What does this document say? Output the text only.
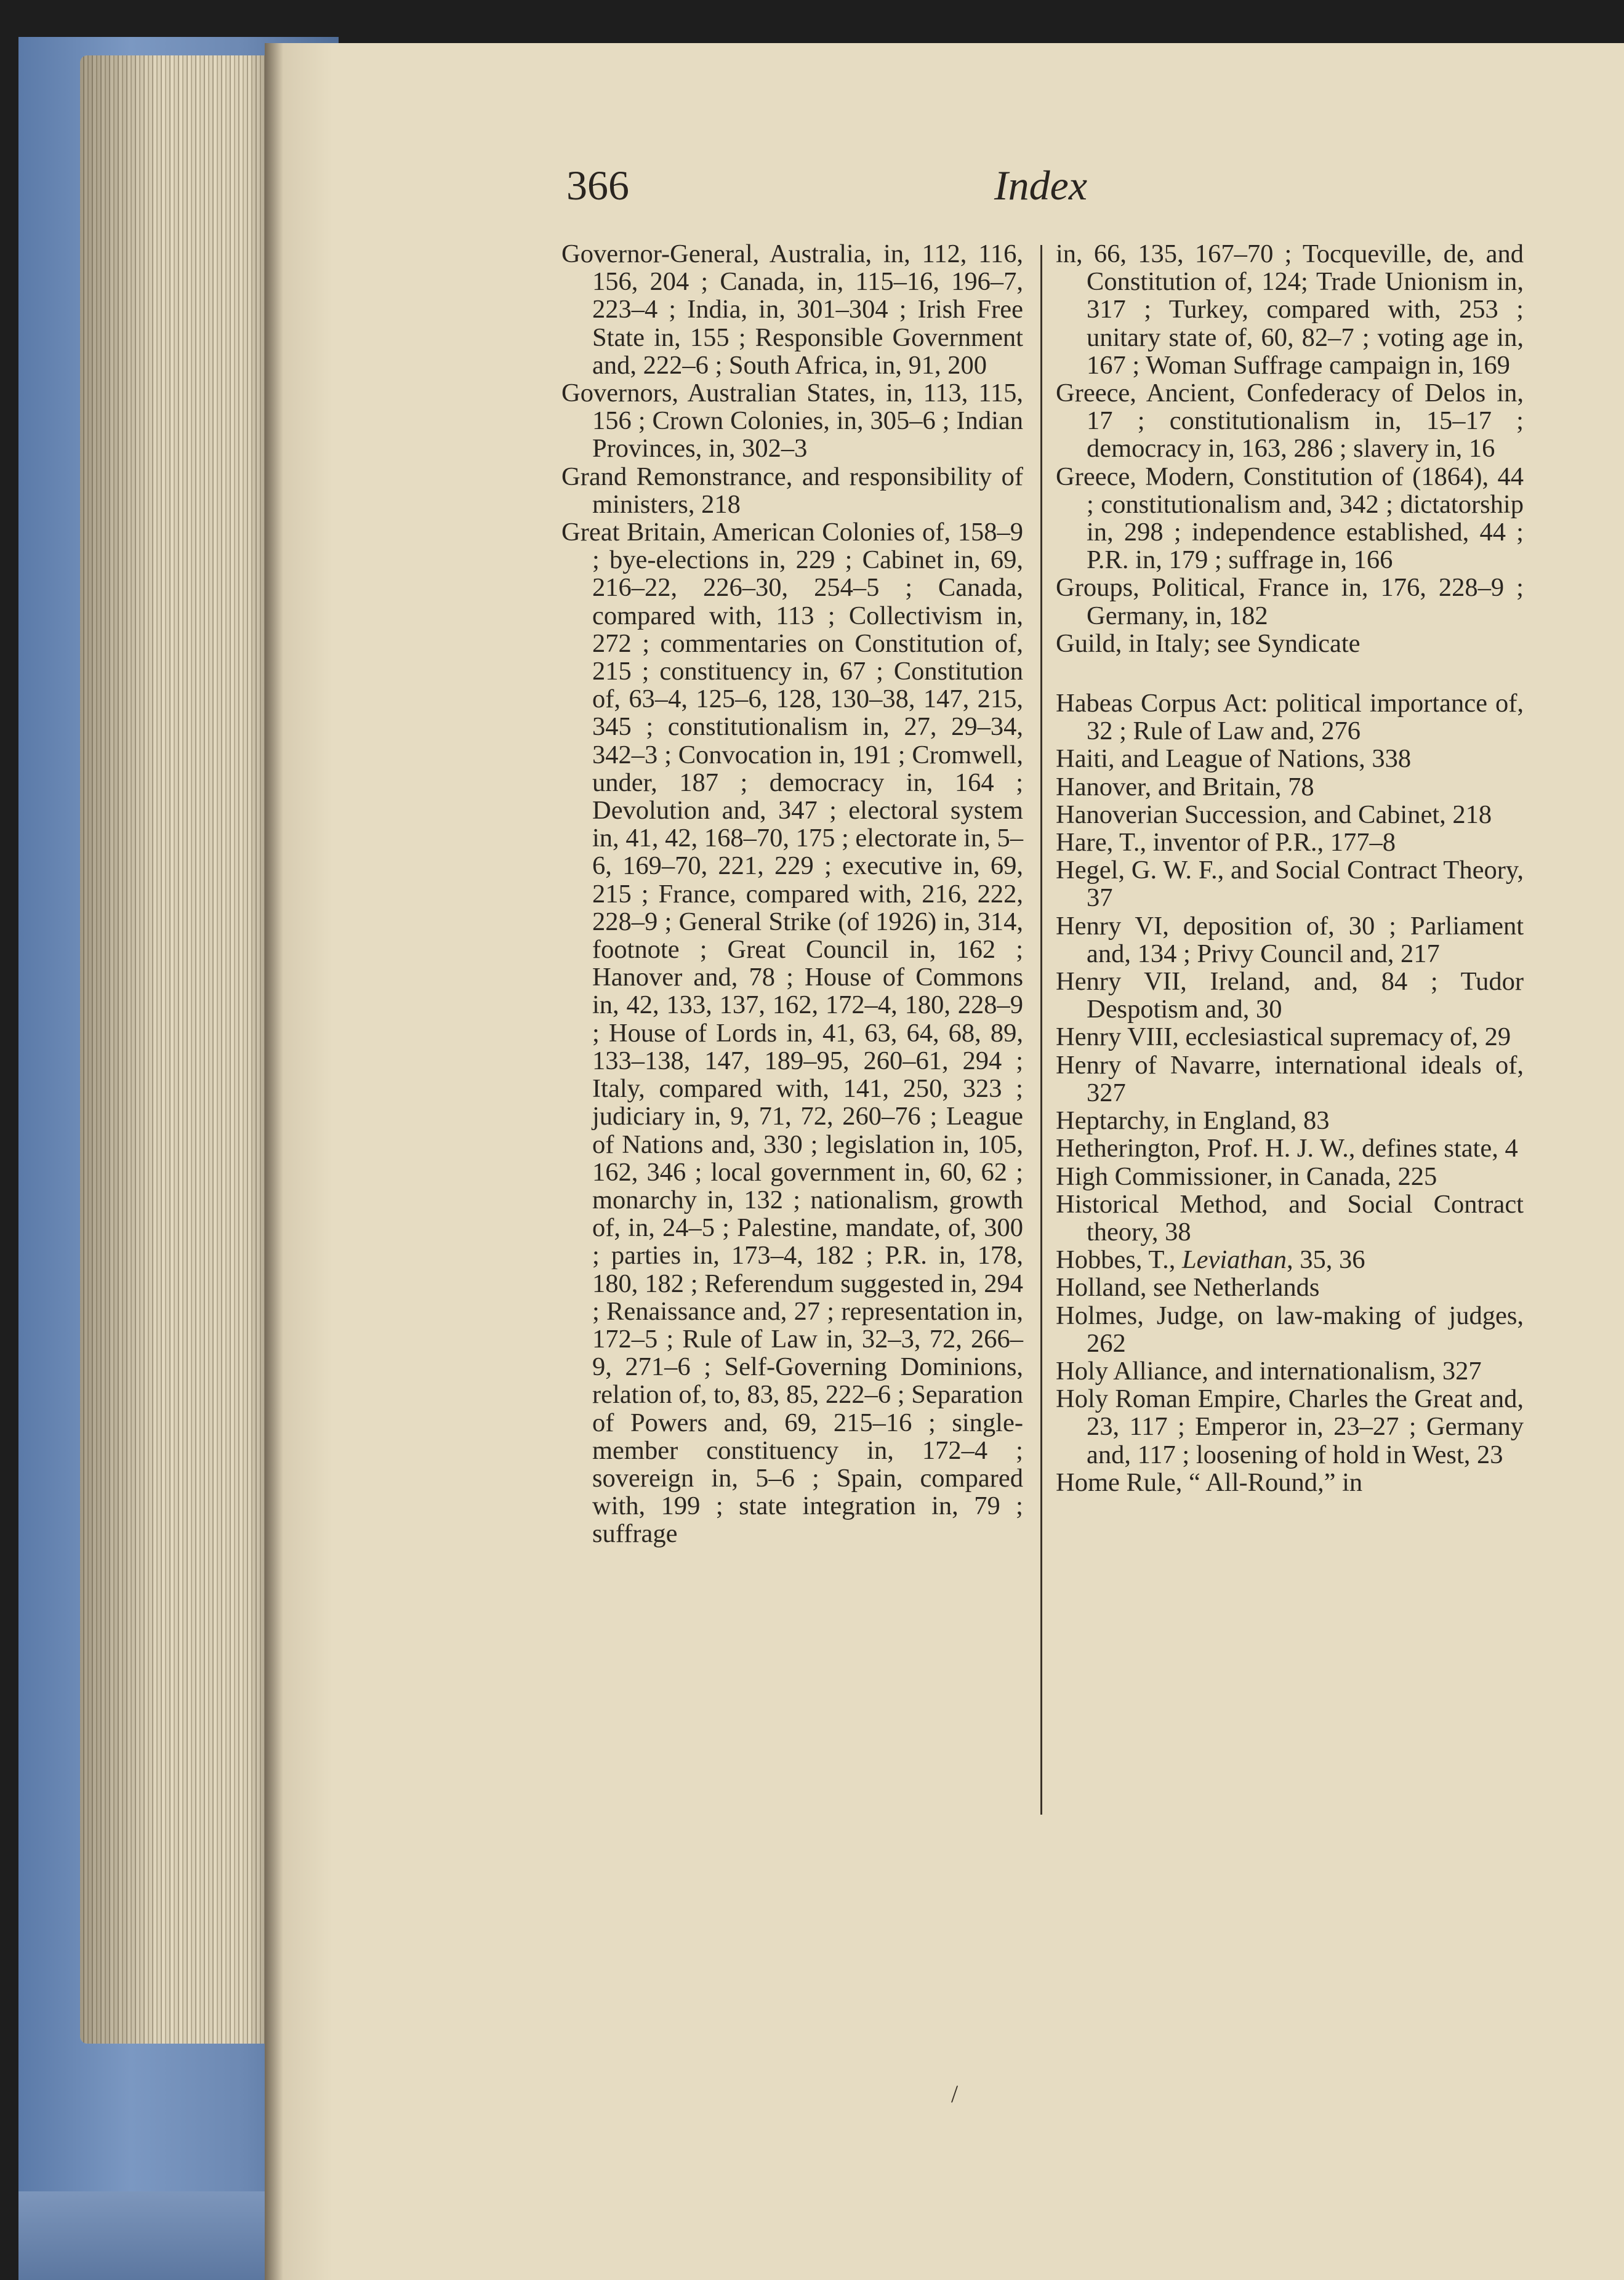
366	Index

Governor-General, Australia, in, 112, 116, 156, 204 ; Canada, in, 115–16, 196–7, 223–4 ; India, in, 301–304 ; Irish Free State in, 155 ; Responsible Government and, 222–6 ; South Africa, in, 91, 200

Governors, Australian States, in, 113, 115, 156 ; Crown Colonies, in, 305–6 ; Indian Provinces, in, 302–3

Grand Remonstrance, and responsibility of ministers, 218

Great Britain, American Colonies of, 158–9 ; bye-elections in, 229 ; Cabinet in, 69, 216–22, 226–30, 254–5 ; Canada, compared with, 113 ; Collectivism in, 272 ; commentaries on Constitution of, 215 ; constituency in, 67 ; Constitution of, 63–4, 125–6, 128, 130–38, 147, 215, 345 ; constitutionalism in, 27, 29–34, 342–3 ; Convocation in, 191 ; Cromwell, under, 187 ; democracy in, 164 ; Devolution and, 347 ; electoral system in, 41, 42, 168–70, 175 ; electorate in, 5–6, 169–70, 221, 229 ; executive in, 69, 215 ; France, compared with, 216, 222, 228–9 ; General Strike (of 1926) in, 314, footnote ; Great Council in, 162 ; Hanover and, 78 ; House of Commons in, 42, 133, 137, 162, 172–4, 180, 228–9 ; House of Lords in, 41, 63, 64, 68, 89, 133–138, 147, 189–95, 260–61, 294 ; Italy, compared with, 141, 250, 323 ; judiciary in, 9, 71, 72, 260–76 ; League of Nations and, 330 ; legislation in, 105, 162, 346 ; local government in, 60, 62 ; monarchy in, 132 ; nationalism, growth of, in, 24–5 ; Palestine, mandate, of, 300 ; parties in, 173–4, 182 ; P.R. in, 178, 180, 182 ; Referendum suggested in, 294 ; Renaissance and, 27 ; representation in, 172–5 ; Rule of Law in, 32–3, 72, 266–9, 271–6 ; Self-Governing Dominions, relation of, to, 83, 85, 222–6 ; Separation of Powers and, 69, 215–16 ; single-member constituency in, 172–4 ; sovereign in, 5–6 ; Spain, compared with, 199 ; state integration in, 79 ; suffrage

in, 66, 135, 167–70 ; Tocqueville, de, and Constitution of, 124; Trade Unionism in, 317 ; Turkey, compared with, 253 ; unitary state of, 60, 82–7 ; voting age in, 167 ; Woman Suffrage campaign in, 169

Greece, Ancient, Confederacy of Delos in, 17 ; constitutionalism in, 15–17 ; democracy in, 163, 286 ; slavery in, 16

Greece, Modern, Constitution of (1864), 44 ; constitutionalism and, 342 ; dictatorship in, 298 ; independence established, 44 ; P.R. in, 179 ; suffrage in, 166

Groups, Political, France in, 176, 228–9 ; Germany, in, 182

Guild, in Italy; see Syndicate

Habeas Corpus Act: political importance of, 32 ; Rule of Law and, 276

Haiti, and League of Nations, 338

Hanover, and Britain, 78

Hanoverian Succession, and Cabinet, 218

Hare, T., inventor of P.R., 177–8

Hegel, G. W. F., and Social Contract Theory, 37

Henry VI, deposition of, 30 ; Parliament and, 134 ; Privy Council and, 217

Henry VII, Ireland, and, 84 ; Tudor Despotism and, 30

Henry VIII, ecclesiastical supremacy of, 29

Henry of Navarre, international ideals of, 327

Heptarchy, in England, 83

Hetherington, Prof. H. J. W., defines state, 4

High Commissioner, in Canada, 225

Historical Method, and Social Contract theory, 38

Hobbes, T., Leviathan, 35, 36

Holland, see Netherlands

Holmes, Judge, on law-making of judges, 262

Holy Alliance, and internationalism, 327

Holy Roman Empire, Charles the Great and, 23, 117 ; Emperor in, 23–27 ; Germany and, 117 ; loosening of hold in West, 23

Home Rule, “ All-Round,” in

/
